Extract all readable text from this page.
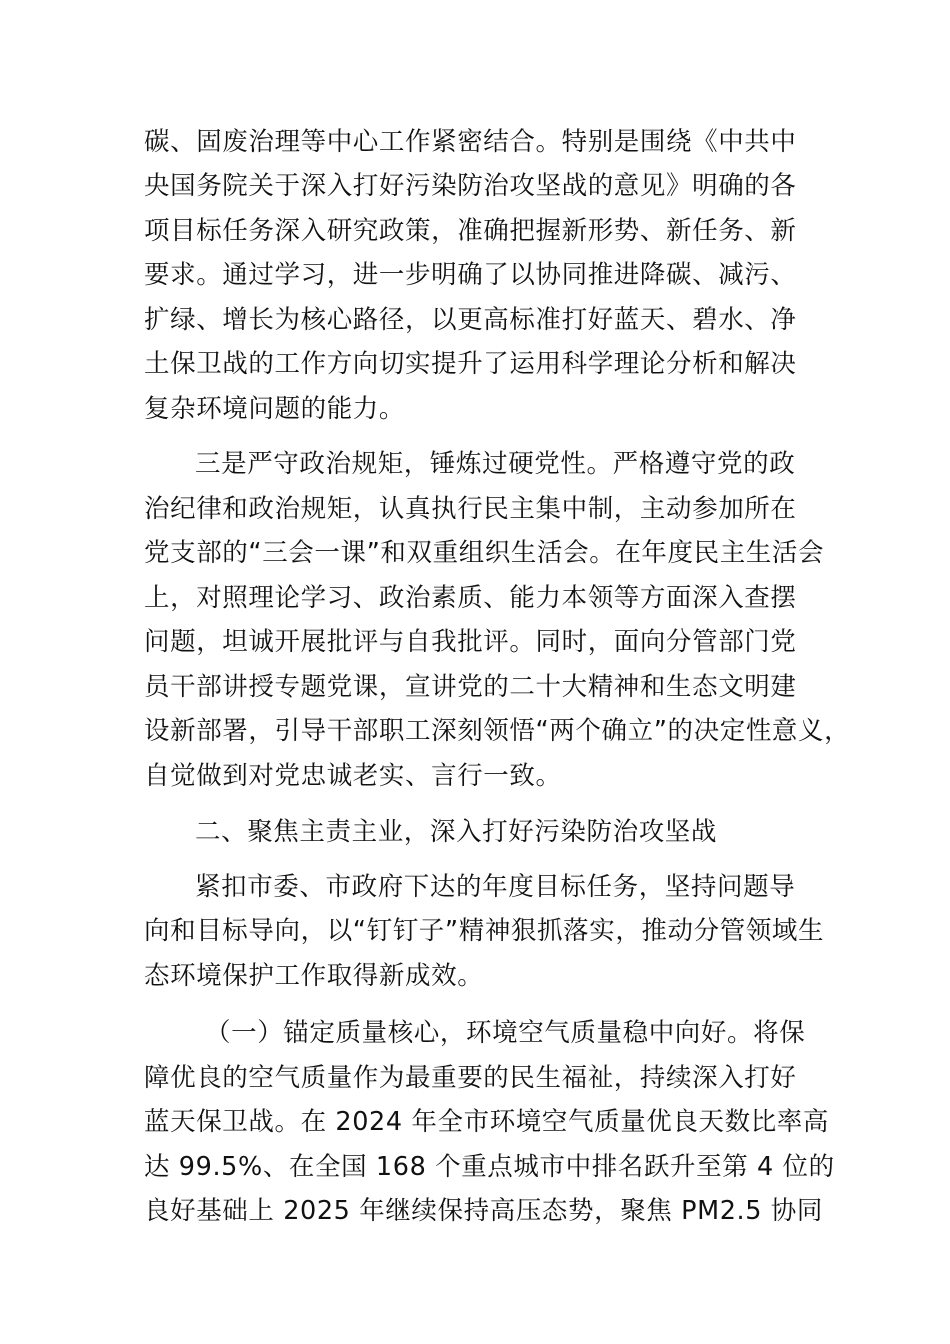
碳、固废治理等中心工作紧密结合。特别是围绕《中共中
央国务院关于深入打好污染防治攻坚战的意见》明确的各
项目标任务深入研究政策，准确把握新形势、新任务、新
要求。通过学习，进一步明确了以协同推进降碳、减污、
扩绿、增长为核心路径，以更高标准打好蓝天、碧水、净
土保卫战的工作方向切实提升了运用科学理论分析和解决
复杂环境问题的能力。
三是严守政治规矩，锤炼过硬党性。严格遵守党的政
治纪律和政治规矩，认真执行民主集中制，主动参加所在
党支部的“三会一课”和双重组织生活会。在年度民主生活会
上，对照理论学习、政治素质、能力本领等方面深入查摆
问题，坦诚开展批评与自我批评。同时，面向分管部门党
员干部讲授专题党课，宣讲党的二十大精神和生态文明建
设新部署，引导干部职工深刻领悟“两个确立”的决定性意义，
自觉做到对党忠诚老实、言行一致。
二、聚焦主责主业，深入打好污染防治攻坚战
紧扣市委、市政府下达的年度目标任务，坚持问题导
向和目标导向，以“钉钉子”精神狠抓落实，推动分管领域生
态环境保护工作取得新成效。
（一）锚定质量核心，环境空气质量稳中向好。将保
障优良的空气质量作为最重要的民生福祉，持续深入打好
蓝天保卫战。在 2024 年全市环境空气质量优良天数比率高
达 99.5%、在全国 168 个重点城市中排名跃升至第 4 位的
良好基础上 2025 年继续保持高压态势，聚焦 PM2.5 协同
